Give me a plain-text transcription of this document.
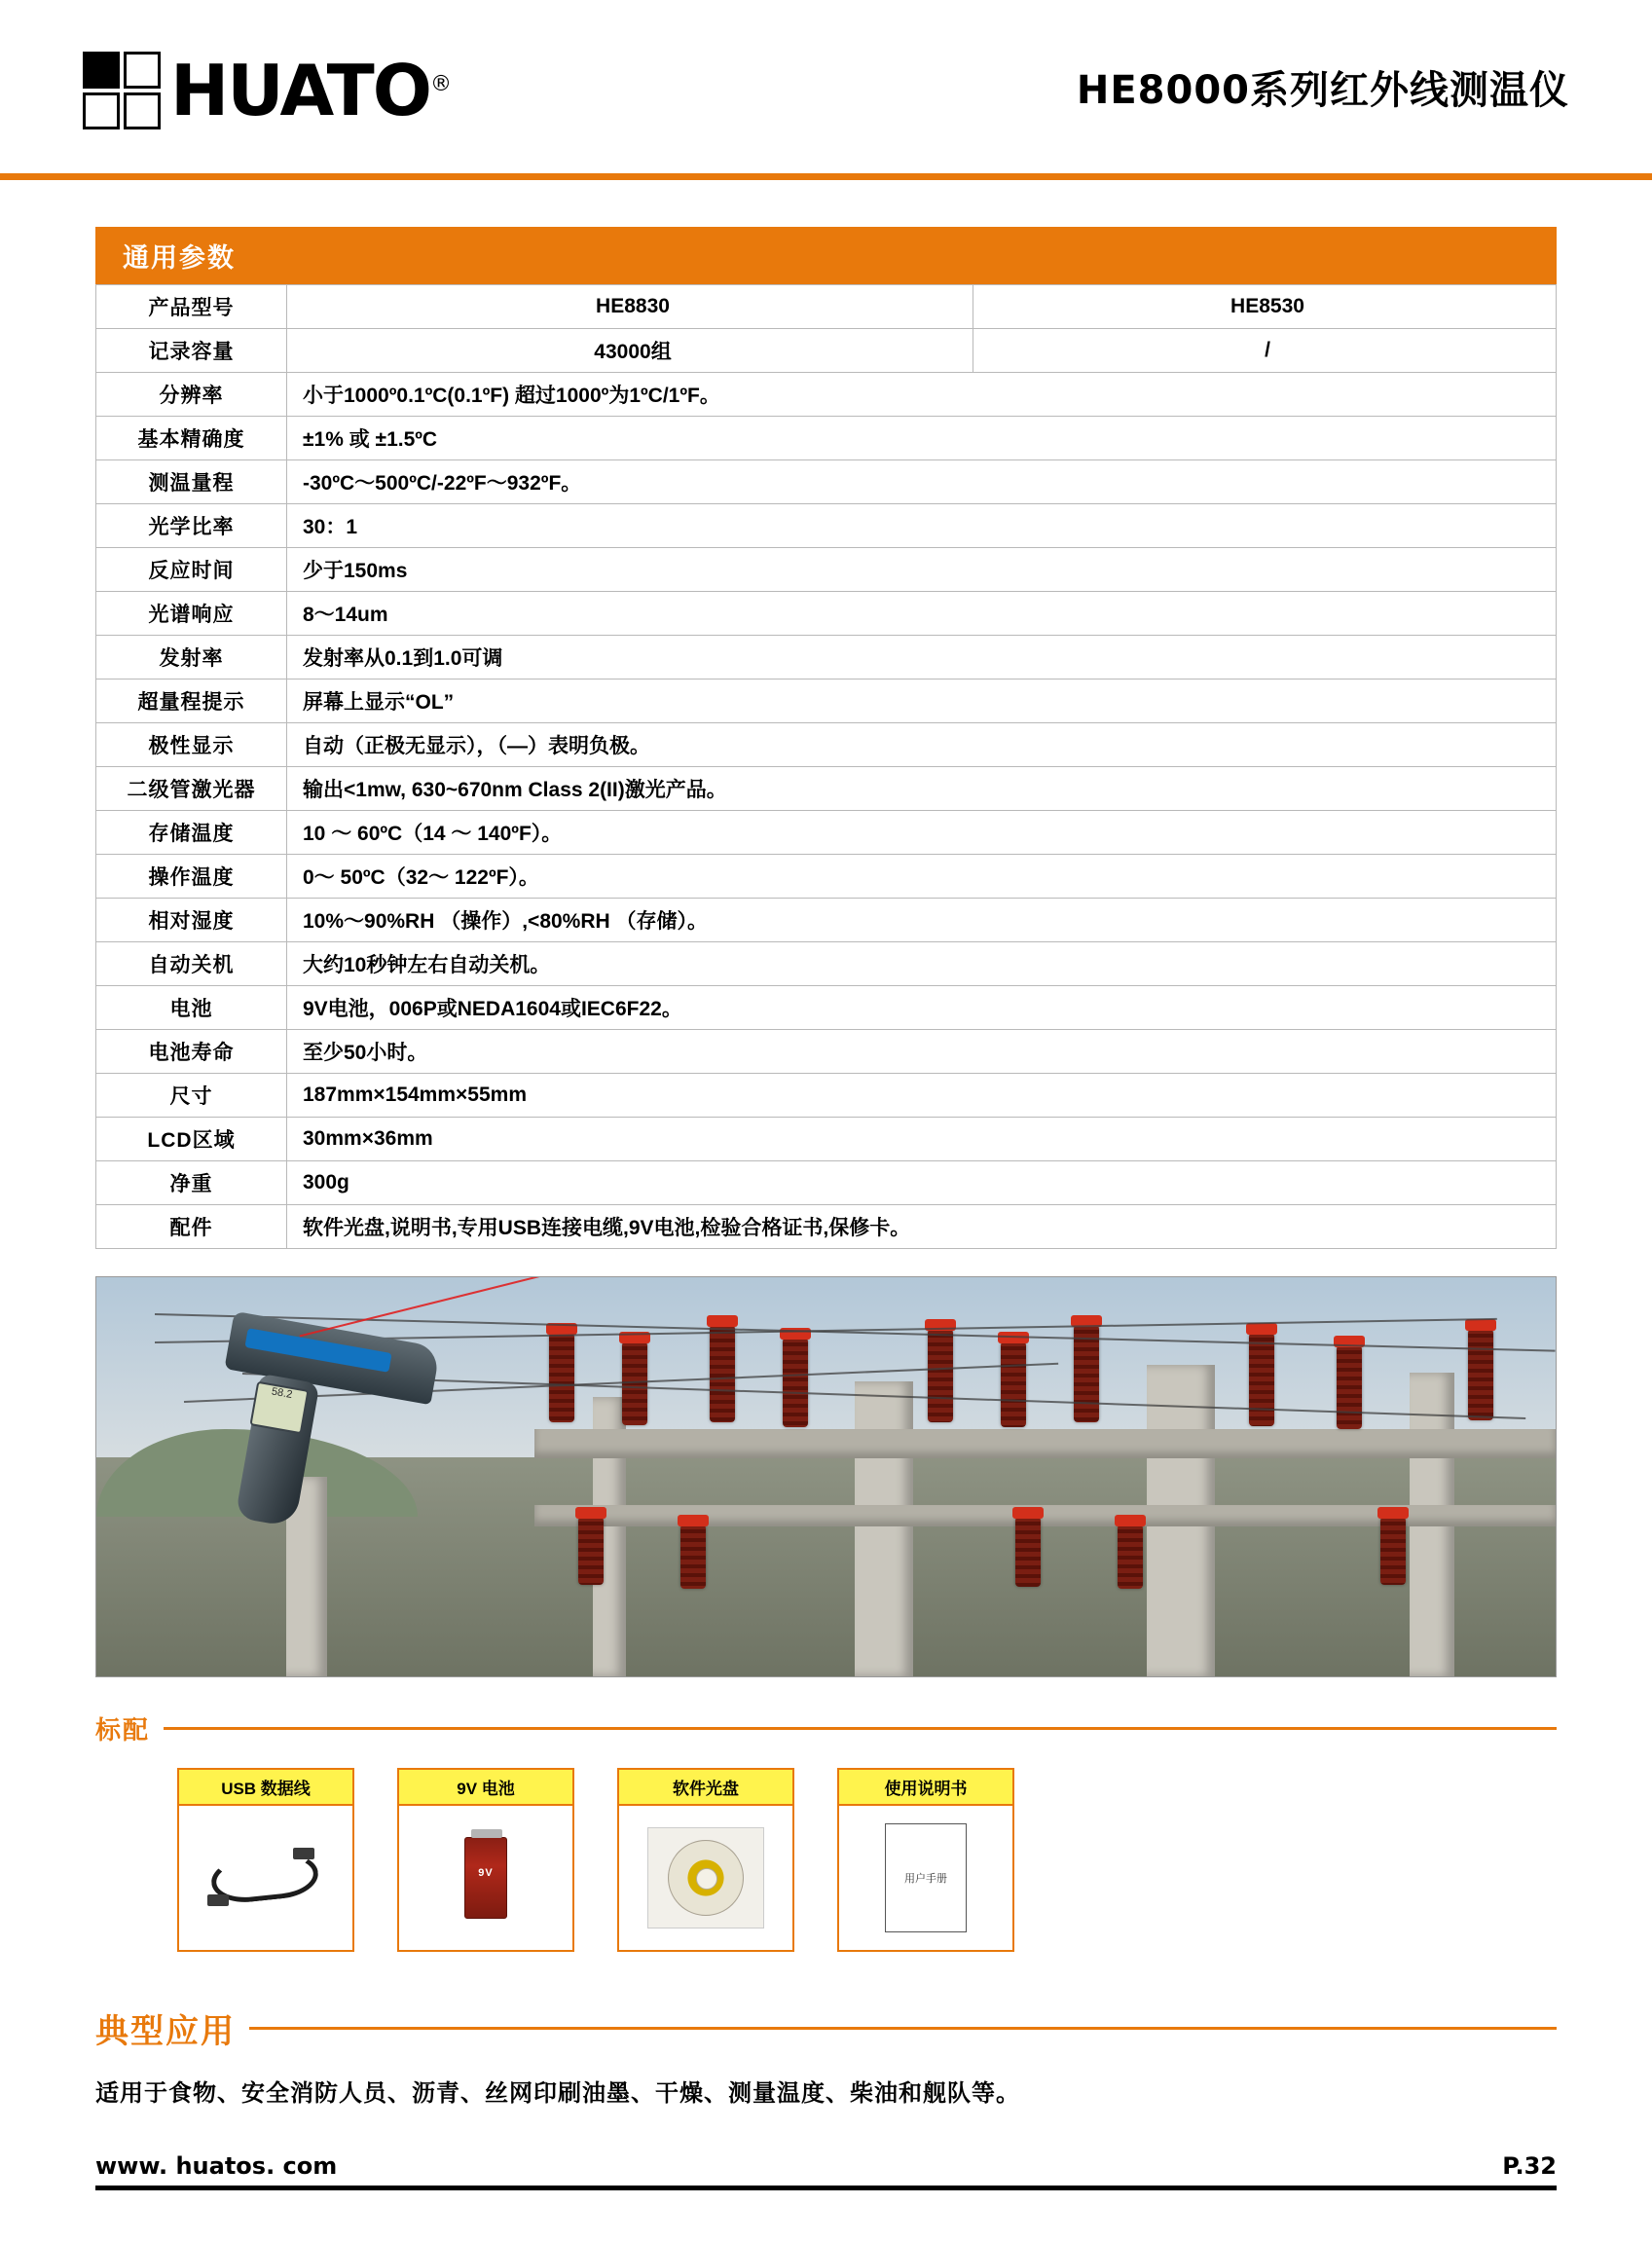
HUATO®	HE8000系列红外线测温仪
通用参数
产品型号	HE8830	HE8530
记录容量	43000组	/
分辨率	小于1000º0.1ºC(0.1ºF) 超过1000º为1ºC/1ºF。	
基本精确度	±1% 或 ±1.5ºC	
测温量程	-30ºC～500ºC/-22ºF～932ºF。	
光学比率	30：1	
反应时间	少于150ms	
光谱响应	8～14um	
发射率	发射率从0.1到1.0可调	
超量程提示	屏幕上显示“OL”	
极性显示	自动（正极无显示），（—）表明负极。	
二级管激光器	输出<1mw, 630~670nm Class 2(II)激光产品。	
存储温度	10 ～ 60ºC（14 ～ 140ºF）。	
操作温度	0～ 50ºC（32～ 122ºF）。	
相对湿度	10%～90%RH （操作）,<80%RH （存储）。	
自动关机	大约10秒钟左右自动关机。	
电池	9V电池，006P或NEDA1604或IEC6F22。	
电池寿命	至少50小时。	
尺寸	187mm×154mm×55mm	
LCD区域	30mm×36mm	
净重	300g	
配件	软件光盘,说明书,专用USB连接电缆,9V电池,检验合格证书,保修卡。	
58.2
标配
USB 数据线	9V 电池
9V
软件光盘	使用说明书
用户手册
典型应用
适用于食物、安全消防人员、沥青、丝网印刷油墨、干燥、测量温度、柴油和舰队等。
www. huatos. com	P.32
